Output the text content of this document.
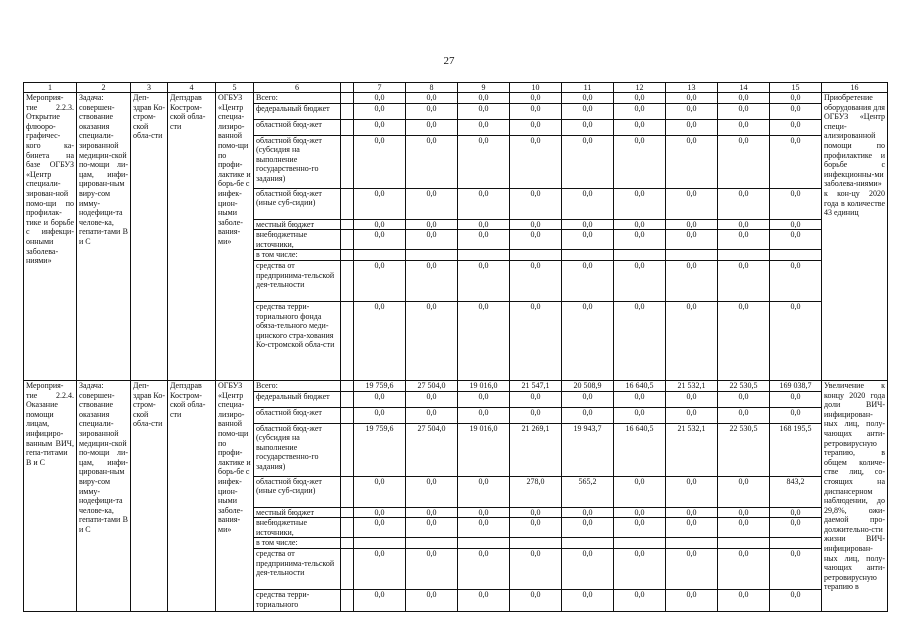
27
1	2	3	4	5	6		7	8	9	10	11	12	13	14	15	16
Мероприя-тие 2.2.3. Открытие флюоро-графичес-кого ка-бинета на базе ОГБУЗ «Центр специали-зирован-ной помо-щи по профилак-тике и борьбе с инфекци-онными заболева-ниями»	Задача: совершен-ствование оказания специали-зированной медицин-ской по-мощи ли-цам, инфи-цирован-ным виру-сом имму-нодефици-та челове-ка, гепати-тами В и С	Деп-здрав Ко-стром-ской обла-сти	Депздрав Костром-ской обла-сти	ОГБУЗ «Центр специа-лизиро-ванной помо-щи по профи-лактике и борь-бе с инфек-цион-ными заболе-вания-ми»	Всего:		0,0	0,0	0,0	0,0	0,0	0,0	0,0	0,0	0,0	Приобретение оборудования для ОГБУЗ «Центр специ-ализированной помощи по профилактике и борьбе с инфекционны-ми заболева-ниями» к кон-цу 2020 года в количестве 43 единиц
					федеральный бюджет		0,0	0,0	0,0	0,0	0,0	0,0	0,0	0,0	0,0	
					областной бюд-жет		0,0	0,0	0,0	0,0	0,0	0,0	0,0	0,0	0,0	
					областной бюд-жет (субсидия на выполнение государственно-го задания)		0,0	0,0	0,0	0,0	0,0	0,0	0,0	0,0	0,0	
					областной бюд-жет (иные суб-сидии)		0,0	0,0	0,0	0,0	0,0	0,0	0,0	0,0	0,0	
					местный бюджет		0,0	0,0	0,0	0,0	0,0	0,0	0,0	0,0	0,0	
					внебюджетные источники,		0,0	0,0	0,0	0,0	0,0	0,0	0,0	0,0	0,0	
					в том числе:											
					средства от предпринима-тельской дея-тельности		0,0	0,0	0,0	0,0	0,0	0,0	0,0	0,0	0,0	
					средства терри-ториального фонда обяза-тельного меди-цинского стра-хования Ко-стромской обла-сти		0,0	0,0	0,0	0,0	0,0	0,0	0,0	0,0	0,0	
Мероприя-тие 2.2.4. Оказание помощи лицам, инфициро-ванным ВИЧ, гепа-титами В и С	Задача: совершен-ствование оказания специали-зированной медицин-ской по-мощи ли-цам, инфи-цирован-ным виру-сом имму-нодефици-та челове-ка, гепати-тами В и С	Деп-здрав Ко-стром-ской обла-сти	Депздрав Костром-ской обла-сти	ОГБУЗ «Центр специа-лизиро-ванной помо-щи по профи-лактике и борь-бе с инфек-цион-ными заболе-вания-ми»	Всего:		19 759,6	27 504,0	19 016,0	21 547,1	20 508,9	16 640,5	21 532,1	22 530,5	169 038,7	Увеличение к концу 2020 года доли ВИЧ-инфицирован-ных лиц, полу-чающих анти-ретровирусную терапию, в общем количе-стве лиц, со-стоящих на диспансерном наблюдении, до 29,8%, ожи-даемой про-должительно-сти жизни ВИЧ-инфицирован-ных лиц, полу-чающих анти-ретровирусную терапию в
					федеральный бюджет		0,0	0,0	0,0	0,0	0,0	0,0	0,0	0,0	0,0	
					областной бюд-жет		0,0	0,0	0,0	0,0	0,0	0,0	0,0	0,0	0,0	
					областной бюд-жет (субсидия на выполнение государственно-го задания)		19 759,6	27 504,0	19 016,0	21 269,1	19 943,7	16 640,5	21 532,1	22 530,5	168 195,5	
					областной бюд-жет (иные суб-сидии)		0,0	0,0	0,0	278,0	565,2	0,0	0,0	0,0	843,2	
					местный бюджет		0,0	0,0	0,0	0,0	0,0	0,0	0,0	0,0	0,0	
					внебюджетные источники,		0,0	0,0	0,0	0,0	0,0	0,0	0,0	0,0	0,0	
					в том числе:											
					средства от предпринима-тельской дея-тельности		0,0	0,0	0,0	0,0	0,0	0,0	0,0	0,0	0,0	
					средства терри-ториального		0,0	0,0	0,0	0,0	0,0	0,0	0,0	0,0	0,0	
